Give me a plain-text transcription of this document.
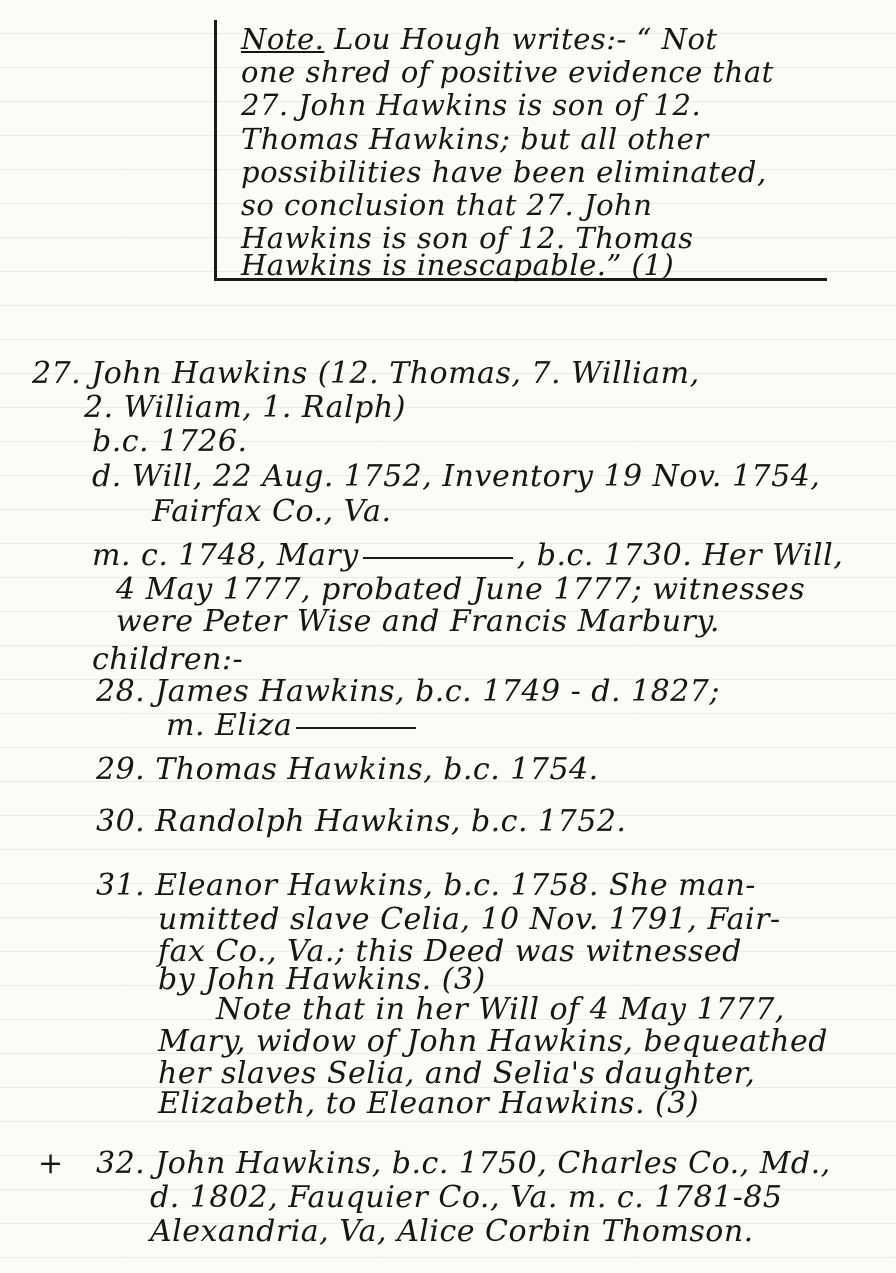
Note. Lou Hough writes:- “ Not
one shred of positive evidence that
27. John Hawkins is son of 12.
Thomas Hawkins; but all other
possibilities have been eliminated,
so conclusion that 27. John
Hawkins is son of 12. Thomas
Hawkins is inescapable.” (1)
27. John Hawkins (12. Thomas, 7. William,
2. William, 1. Ralph)
b.c. 1726.
d. Will, 22 Aug. 1752, Inventory 19 Nov. 1754,
Fairfax Co., Va.
m. c. 1748, Mary	, b.c. 1730. Her Will,
4 May 1777, probated June 1777; witnesses
were Peter Wise and Francis Marbury.
children:-
28. James Hawkins, b.c. 1749 - d. 1827;
m. Eliza
29. Thomas Hawkins, b.c. 1754.
30. Randolph Hawkins, b.c. 1752.
31. Eleanor Hawkins, b.c. 1758. She man-
umitted slave Celia, 10 Nov. 1791, Fair-
fax Co., Va.; this Deed was witnessed
by John Hawkins. (3)
Note that in her Will of 4 May 1777,
Mary, widow of John Hawkins, bequeathed
her slaves Selia, and Selia's daughter,
Elizabeth, to Eleanor Hawkins. (3)
+ 32. John Hawkins, b.c. 1750, Charles Co., Md.,
d. 1802, Fauquier Co., Va. m. c. 1781-85
Alexandria, Va, Alice Corbin Thomson.
